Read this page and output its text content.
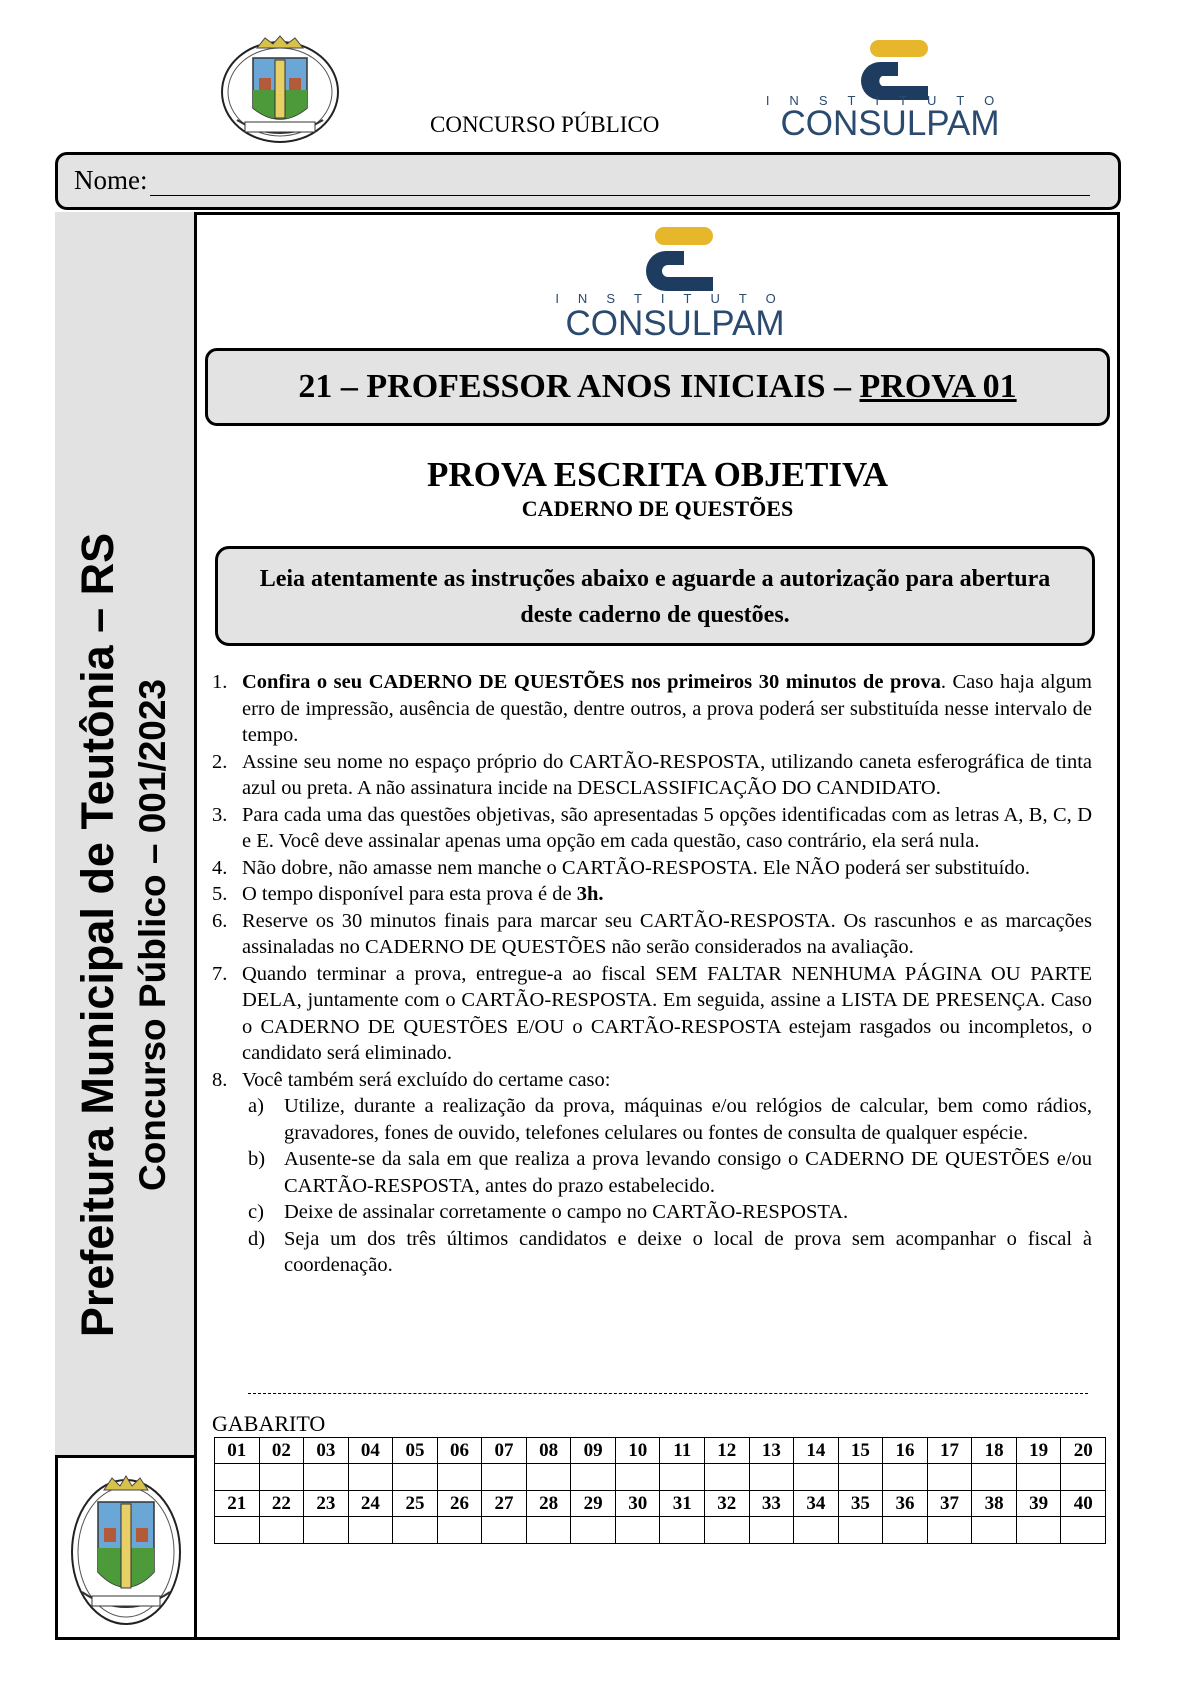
CONCURSO PÚBLICO
INSTITUTO
CONSULPAM
Nome:
Prefeitura Municipal de Teutônia – RS Concurso Público – 001/2023
INSTITUTO
CONSULPAM
21 – PROFESSOR ANOS INICIAIS – PROVA 01
PROVA ESCRITA OBJETIVA
CADERNO DE QUESTÕES
Leia atentamente as instruções abaixo e aguarde a autorização para abertura deste caderno de questões.
1. Confira o seu CADERNO DE QUESTÕES nos primeiros 30 minutos de prova. Caso haja algum erro de impressão, ausência de questão, dentre outros, a prova poderá ser substituída nesse intervalo de tempo.
2. Assine seu nome no espaço próprio do CARTÃO-RESPOSTA, utilizando caneta esferográfica de tinta azul ou preta. A não assinatura incide na DESCLASSIFICAÇÃO DO CANDIDATO.
3. Para cada uma das questões objetivas, são apresentadas 5 opções identificadas com as letras A, B, C, D e E. Você deve assinalar apenas uma opção em cada questão, caso contrário, ela será nula.
4. Não dobre, não amasse nem manche o CARTÃO-RESPOSTA. Ele NÃO poderá ser substituído.
5. O tempo disponível para esta prova é de 3h.
6. Reserve os 30 minutos finais para marcar seu CARTÃO-RESPOSTA. Os rascunhos e as marcações assinaladas no CADERNO DE QUESTÕES não serão considerados na avaliação.
7. Quando terminar a prova, entregue-a ao fiscal SEM FALTAR NENHUMA PÁGINA OU PARTE DELA, juntamente com o CARTÃO-RESPOSTA. Em seguida, assine a LISTA DE PRESENÇA. Caso o CADERNO DE QUESTÕES E/OU o CARTÃO-RESPOSTA estejam rasgados ou incompletos, o candidato será eliminado.
8. Você também será excluído do certame caso:
a) Utilize, durante a realização da prova, máquinas e/ou relógios de calcular, bem como rádios, gravadores, fones de ouvido, telefones celulares ou fontes de consulta de qualquer espécie.
b) Ausente-se da sala em que realiza a prova levando consigo o CADERNO DE QUESTÕES e/ou CARTÃO-RESPOSTA, antes do prazo estabelecido.
c) Deixe de assinalar corretamente o campo no CARTÃO-RESPOSTA.
d) Seja um dos três últimos candidatos e deixe o local de prova sem acompanhar o fiscal à coordenação.
GABARITO
01	02	03	04	05	06	07	08	09	10	11	12	13	14	15	16	17	18	19	20

21	22	23	24	25	26	27	28	29	30	31	32	33	34	35	36	37	38	39	40
